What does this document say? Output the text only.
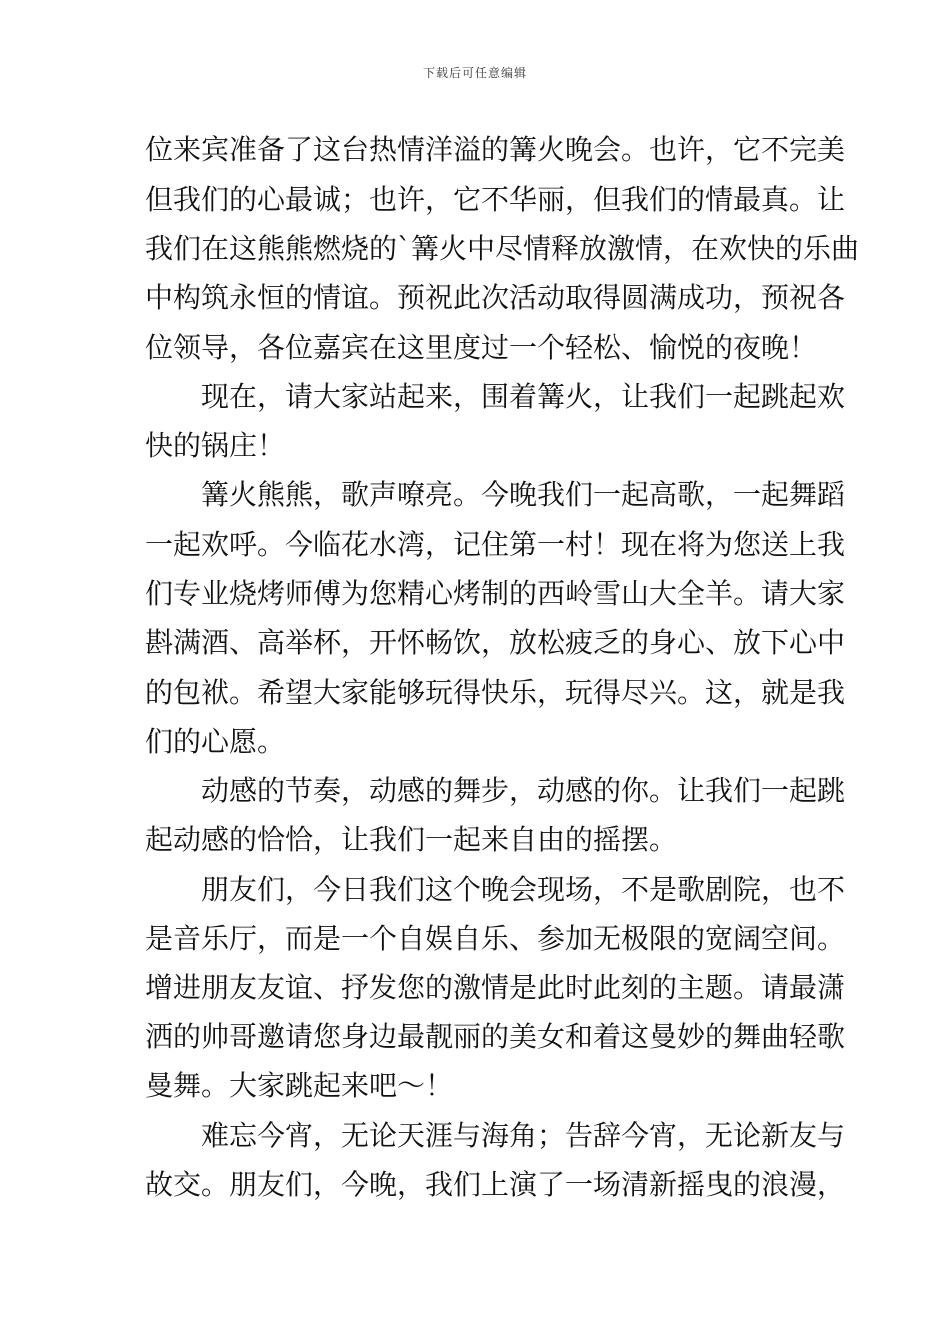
下载后可任意编辑
位来宾准备了这台热情洋溢的篝火晚会。也许，它不完美
但我们的心最诚；也许，它不华丽，但我们的情最真。让
我们在这熊熊燃烧的`篝火中尽情释放激情，在欢快的乐曲
中构筑永恒的情谊。预祝此次活动取得圆满成功，预祝各
位领导，各位嘉宾在这里度过一个轻松、愉悦的夜晚！
现在，请大家站起来，围着篝火，让我们一起跳起欢
快的锅庄！
篝火熊熊，歌声嘹亮。今晚我们一起高歌，一起舞蹈
一起欢呼。今临花水湾，记住第一村！现在将为您送上我
们专业烧烤师傅为您精心烤制的西岭雪山大全羊。请大家
斟满酒、高举杯，开怀畅饮，放松疲乏的身心、放下心中
的包袱。希望大家能够玩得快乐，玩得尽兴。这，就是我
们的心愿。
动感的节奏，动感的舞步，动感的你。让我们一起跳
起动感的恰恰，让我们一起来自由的摇摆。
朋友们，今日我们这个晚会现场，不是歌剧院，也不
是音乐厅，而是一个自娱自乐、参加无极限的宽阔空间。
增进朋友友谊、抒发您的激情是此时此刻的主题。请最潇
洒的帅哥邀请您身边最靓丽的美女和着这曼妙的舞曲轻歌
曼舞。大家跳起来吧～！
难忘今宵，无论天涯与海角；告辞今宵，无论新友与
故交。朋友们，今晚，我们上演了一场清新摇曳的浪漫，
